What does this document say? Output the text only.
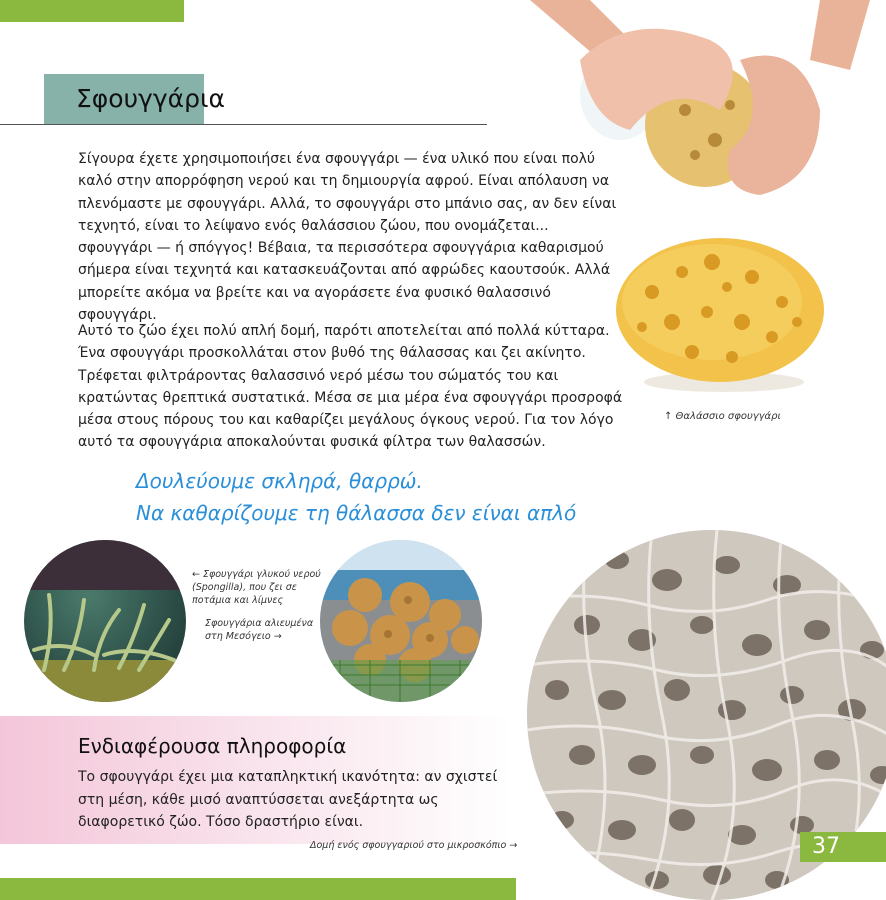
Σφουγγάρια
Σίγουρα έχετε χρησιμοποιήσει ένα σφουγγάρι — ένα υλικό που είναι πολύ καλό στην απορρόφηση νερού και τη δημιουργία αφρού. Είναι απόλαυση να πλενόμαστε με σφουγγάρι. Αλλά, το σφουγγάρι στο μπάνιο σας, αν δεν είναι τεχνητό, είναι το λείψανο ενός θαλάσσιου ζώου, που ονομάζεται... σφουγγάρι — ή σπόγγος! Βέβαια, τα περισσότερα σφουγγάρια καθαρισμού σήμερα είναι τεχνητά και κατασκευάζονται από αφρώδες καουτσούκ. Αλλά μπορείτε ακόμα να βρείτε και να αγοράσετε ένα φυσικό θαλασσινό σφουγγάρι.
Αυτό το ζώο έχει πολύ απλή δομή, παρότι αποτελείται από πολλά κύτταρα. Ένα σφουγγάρι προσκολλάται στον βυθό της θάλασσας και ζει ακίνητο. Τρέφεται φιλτράροντας θαλασσινό νερό μέσω του σώματός του και κρατώντας θρεπτικά συστατικά. Μέσα σε μια μέρα ένα σφουγγάρι προσροφά μέσα στους πόρους του και καθαρίζει μεγάλους όγκους νερού. Για τον λόγο αυτό τα σφουγγάρια αποκαλούνται φυσικά φίλτρα των θαλασσών.
Δουλεύουμε σκληρά, θαρρώ.
Να καθαρίζουμε τη θάλασσα δεν είναι απλό
↑ Θαλάσσιο σφουγγάρι
← Σφουγγάρι γλυκού νερού (Spongilla), που ζει σε ποτάμια και λίμνες
Σφουγγάρια αλιευμένα στη Μεσόγειο →
Ενδιαφέρουσα πληροφορία
Το σφουγγάρι έχει μια καταπληκτική ικανότητα: αν σχιστεί στη μέση, κάθε μισό αναπτύσσεται ανεξάρτητα ως διαφορετικό ζώο. Τόσο δραστήριο είναι.
Δομή ενός σφουγγαριού στο μικροσκόπιο →	37
